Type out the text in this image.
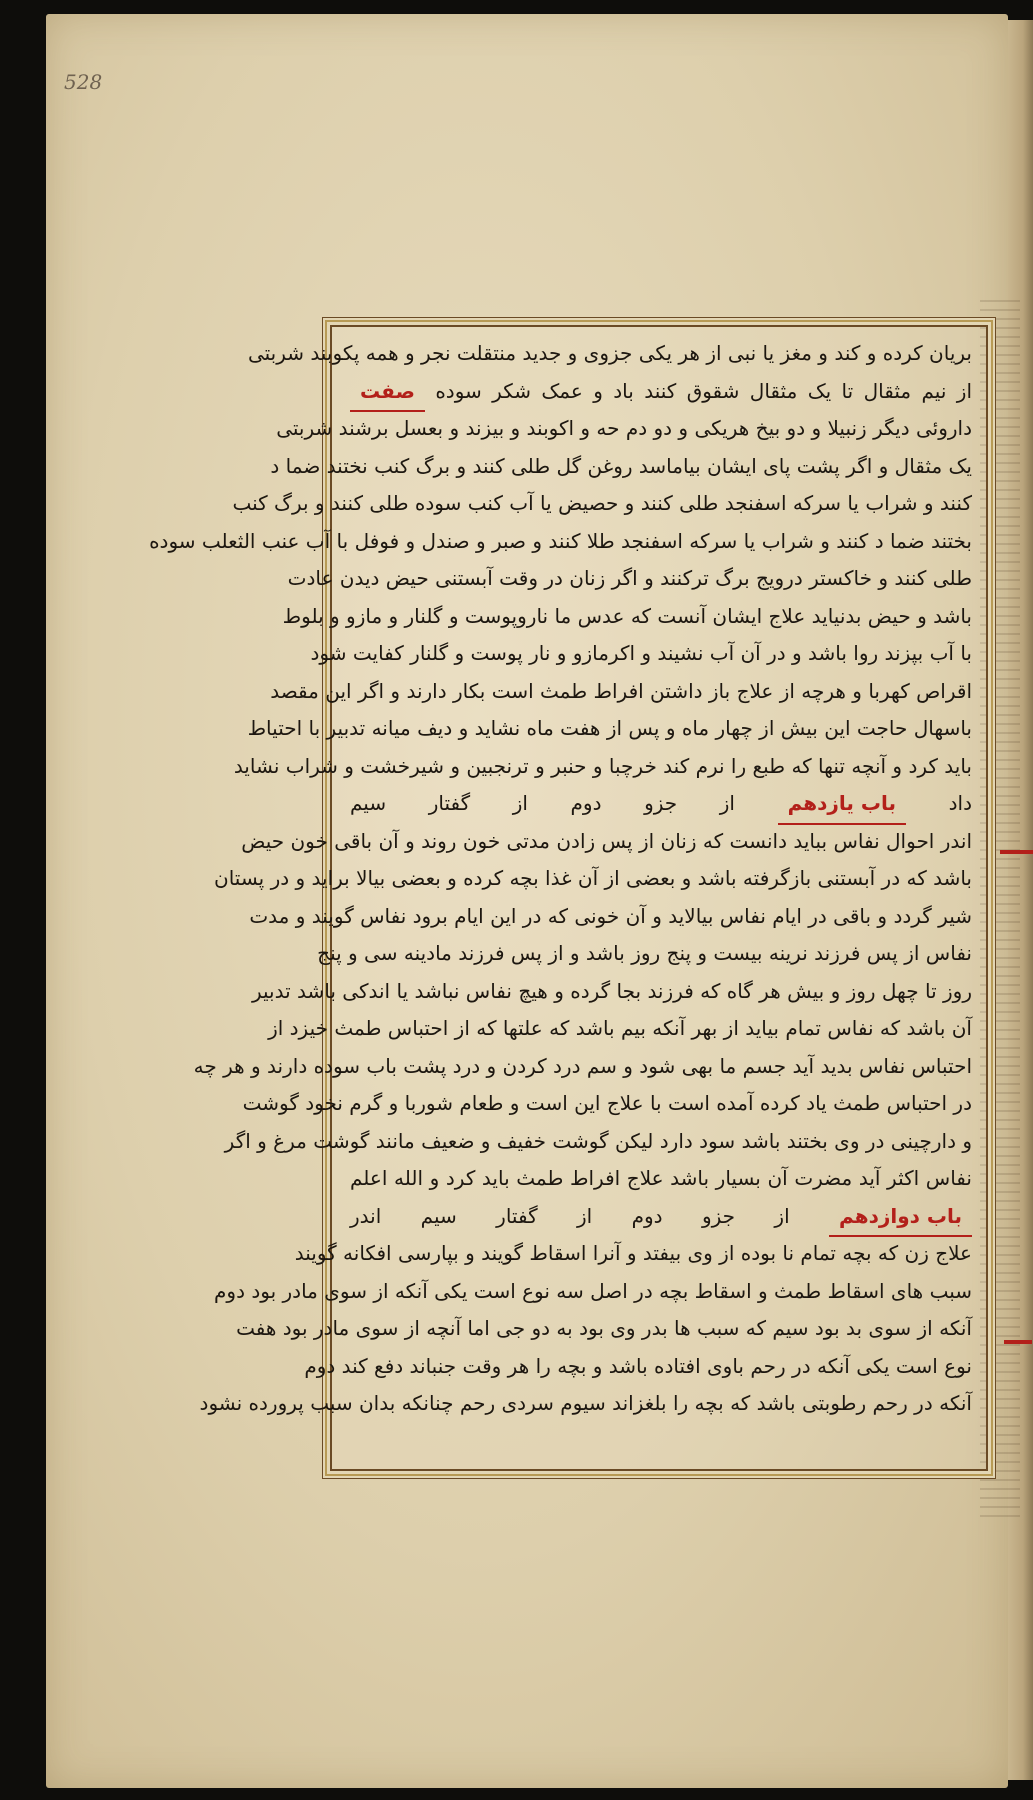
528
بریان کرده و کند و مغز یا نبی از هر یکی جزوی و جدید منتقلت نجر و همه پکوبند شربتی
از نیم مثقال تا یک مثقال شقوق کنند باد و عمک شکر سوده صفت
داروئی دیگر زنبیلا و دو بیخ هریکی و دو دم حه و اکوبند و بیزند و بعسل برشند شربتی
یک مثقال و اگر پشت پای ایشان بیاماسد روغن گل طلی کنند و برگ کنب نختند ضما د
کنند و شراب یا سرکه اسفنجد طلی کنند و حصیض یا آب کنب سوده طلی کنند و برگ کنب
بختند ضما د کنند و شراب یا سرکه اسفنجد طلا کنند و صبر و صندل و فوفل با آب عنب الثعلب سوده
طلی کنند و خاکستر درویج برگ ترکنند و اگر زنان در وقت آبستنی حیض دیدن عادت
باشد و حیض بدنیاید علاج ایشان آنست که عدس ما ناروپوست و گلنار و مازو و بلوط
با آب بپزند روا باشد و در آن آب نشیند و اکرمازو و نار پوست و گلنار کفایت شود
اقراص کهربا و هرچه از علاج باز داشتن افراط طمث است بکار دارند و اگر این مقصد
باسهال حاجت این بیش از چهار ماه و پس از هفت ماه نشاید و دیف میانه تدبیر با احتیاط
باید کرد و آنچه تنها که طبع را نرم کند خرچبا و حنبر و ترنجبین و شیرخشت و شراب نشاید
داد باب یازدهم از جزو دوم از گفتار سیم
اندر احوال نفاس بباید دانست که زنان از پس زادن مدتی خون روند و آن باقی خون حیض
باشد که در آبستنی بازگرفته باشد و بعضی از آن غذا بچه کرده و بعضی بیالا براید و در پستان
شیر گردد و باقی در ایام نفاس بیالاید و آن خونی که در این ایام برود نفاس گویند و مدت
نفاس از پس فرزند نرینه بیست و پنج روز باشد و از پس فرزند مادینه سی و پنج
روز تا چهل روز و بیش هر گاه که فرزند بجا گرده و هیچ نفاس نباشد یا اندکی باشد تدبیر
آن باشد که نفاس تمام بیاید از بهر آنکه بیم باشد که علتها که از احتباس طمث خیزد از
احتباس نفاس بدید آید جسم ما بهی شود و سم درد کردن و درد پشت باب سوده دارند و هر چه
در احتباس طمث یاد کرده آمده است با علاج این است و طعام شوربا و گرم نخود گوشت
و دارچینی در وی بختند باشد سود دارد لیکن گوشت خفیف و ضعیف مانند گوشت مرغ و اگر
نفاس اکثر آید مضرت آن بسیار باشد علاج افراط طمث باید کرد و الله اعلم
باب دوازدهم از جزو دوم از گفتار سیم اندر
علاج زن که بچه تمام نا بوده از وی بیفتد و آنرا اسقاط گویند و بپارسی افکانه گویند
سبب های اسقاط طمث و اسقاط بچه در اصل سه نوع است یکی آنکه از سوی مادر بود دوم
آنکه از سوی بد بود سیم که سبب ها بدر وی بود به دو جی اما آنچه از سوی مادر بود هفت
نوع است یکی آنکه در رحم باوی افتاده باشد و بچه را هر وقت جنباند دفع کند دوم
آنکه در رحم رطوبتی باشد که بچه را بلغزاند سیوم سردی رحم چنانکه بدان سبب پرورده نشود
